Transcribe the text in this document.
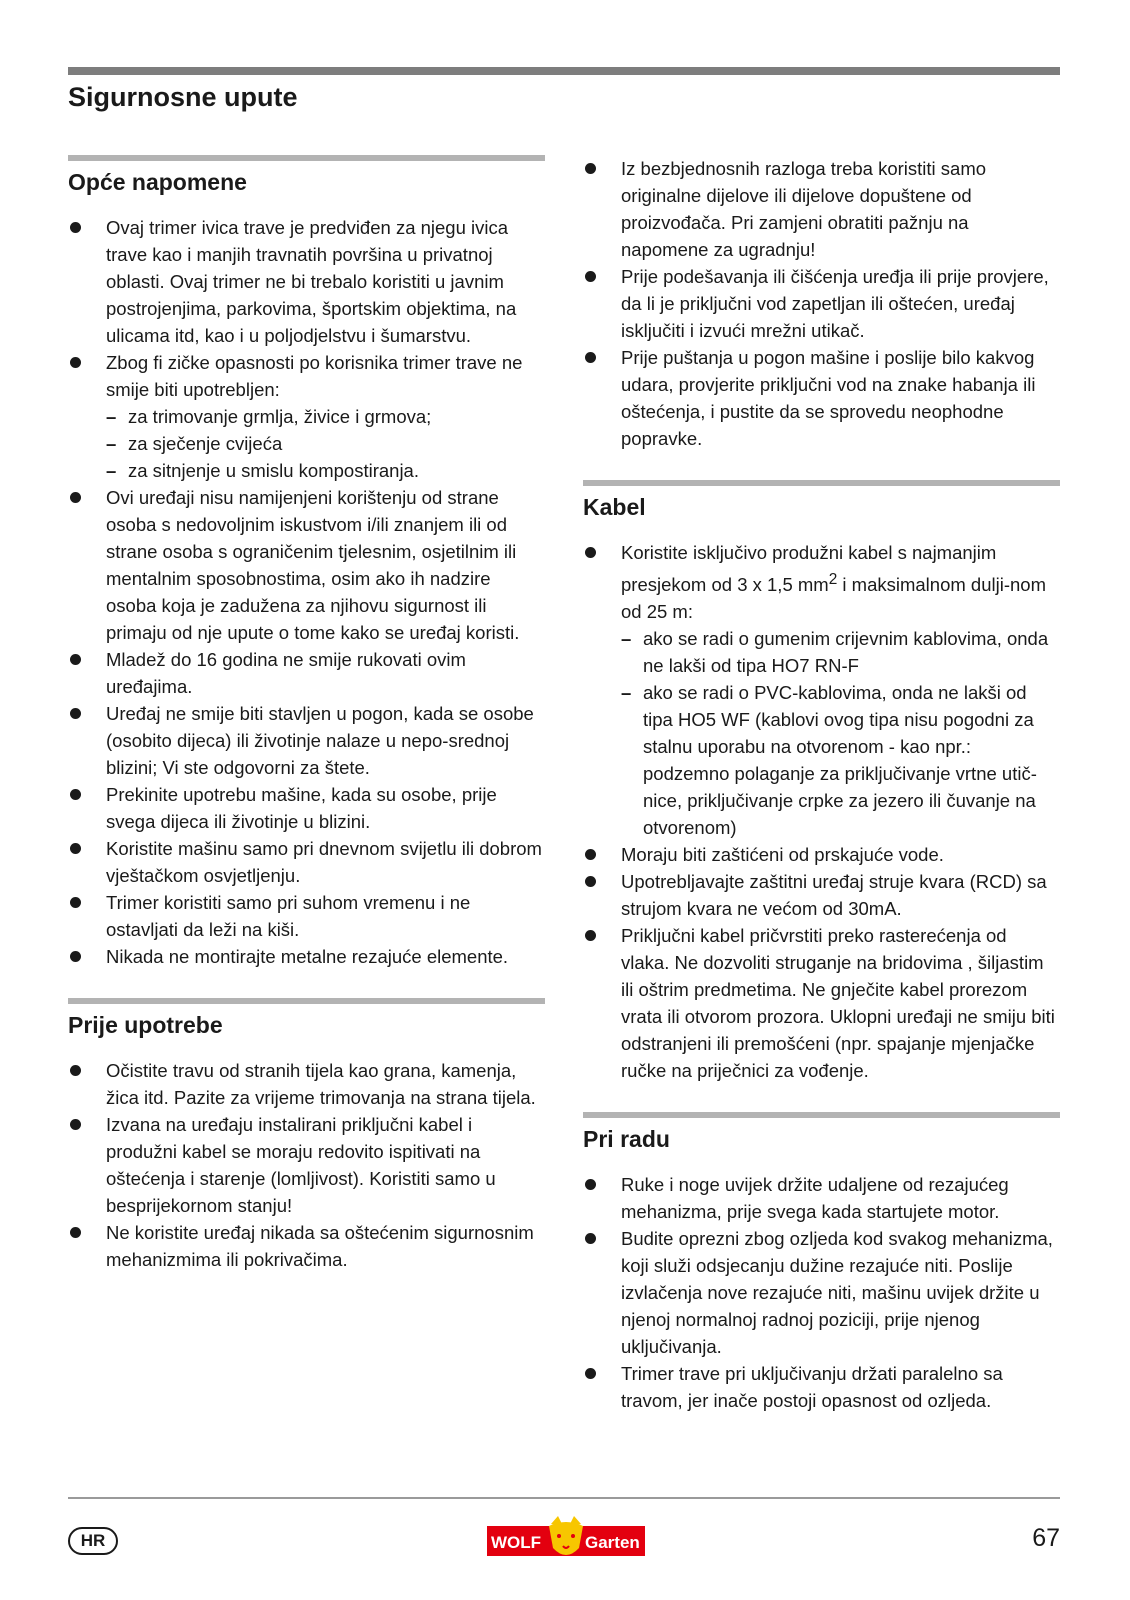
Sigurnosne upute
Opće napomene
Ovaj trimer ivica trave je predviđen za njegu ivica trave kao i manjih travnatih površina u privatnoj oblasti. Ovaj trimer ne bi trebalo koristiti u javnim postrojenjima, parkovima, športskim objektima, na ulicama itd, kao i u poljodjelstvu i šumarstvu.
Zbog fi zičke opasnosti po korisnika trimer trave ne smije biti upotrebljen:
– za trimovanje grmlja, živice i grmova;
– za sječenje cvijeća
– za sitnjenje u smislu kompostiranja.
Ovi uređaji nisu namijenjeni korištenju od strane osoba s nedovoljnim iskustvom i/ili znanjem ili od strane osoba s ograničenim tjelesnim, osjetilnim ili mentalnim sposobnostima, osim ako ih nadzire osoba koja je zadužena za njihovu sigurnost ili primaju od nje upute o tome kako se uređaj koristi.
Mladež do 16 godina ne smije rukovati ovim uređajima.
Uređaj ne smije biti stavljen u pogon, kada se osobe (osobito dijeca) ili životinje nalaze u nepo-srednoj blizini; Vi ste odgovorni za štete.
Prekinite upotrebu mašine, kada su osobe, prije svega dijeca ili životinje u blizini.
Koristite mašinu samo pri dnevnom svijetlu ili dobrom vještačkom osvjetljenju.
Trimer koristiti samo pri suhom vremenu i ne ostavljati da leži na kiši.
Nikada ne montirajte metalne rezajuće elemente.
Prije upotrebe
Očistite travu od stranih tijela kao grana, kamenja, žica itd. Pazite za vrijeme trimovanja na strana tijela.
Izvana na uređaju instalirani priključni kabel i produžni kabel se moraju redovito ispitivati na oštećenja i starenje (lomljivost). Koristiti samo u besprijekornom stanju!
Ne koristite uređaj nikada sa oštećenim sigurnosnim mehanizmima ili pokrivačima.
Iz bezbjednosnih razloga treba koristiti samo originalne dijelove ili dijelove dopuštene od proizvođača. Pri zamjeni obratiti pažnju na napomene za ugradnju!
Prije podešavanja ili čišćenja uređja ili prije provjere, da li je priključni vod zapetljan ili oštećen, uređaj isključiti i izvući mrežni utikač.
Prije puštanja u pogon mašine i poslije bilo kakvog udara, provjerite priključni vod na znake habanja ili oštećenja, i pustite da se sprovedu neophodne popravke.
Kabel
Koristite isključivo produžni kabel s najmanjim presjekom od 3 x 1,5 $mm^2$ i maksimalnom dulji-nom od 25 m:
– ako se radi o gumenim crijevnim kablovima, onda ne lakši od tipa HO7 RN-F
– ako se radi o PVC-kablovima, onda ne lakši od tipa HO5 WF (kablovi ovog tipa nisu pogodni za stalnu uporabu na otvorenom - kao npr.: podzemno polaganje za priključivanje vrtne utič-nice, priključivanje crpke za jezero ili čuvanje na otvorenom)
Moraju biti zaštićeni od prskajuće vode.
Upotrebljavajte zaštitni uređaj struje kvara (RCD) sa strujom kvara ne većom od 30mA.
Priključni kabel pričvrstiti preko rasterećenja od vlaka. Ne dozvoliti struganje na bridovima , šiljastim ili oštrim predmetima. Ne gnječite kabel prorezom vrata ili otvorom prozora. Uklopni uređaji ne smiju biti odstranjeni ili premošćeni (npr. spajanje mjenjačke ručke na priječnici za vođenje.
Pri radu
Ruke i noge uvijek držite udaljene od rezajućeg mehanizma, prije svega kada startujete motor.
Budite oprezni zbog ozljeda kod svakog mehanizma, koji služi odsjecanju dužine rezajuće niti. Poslije izvlačenja nove rezajuće niti, mašinu uvijek držite u njenoj normalnoj radnoj poziciji, prije njenog uključivanja.
Trimer trave pri uključivanju držati paralelno sa travom, jer inače postoji opasnost od ozljeda.
HR	WOLF	Garten	67
